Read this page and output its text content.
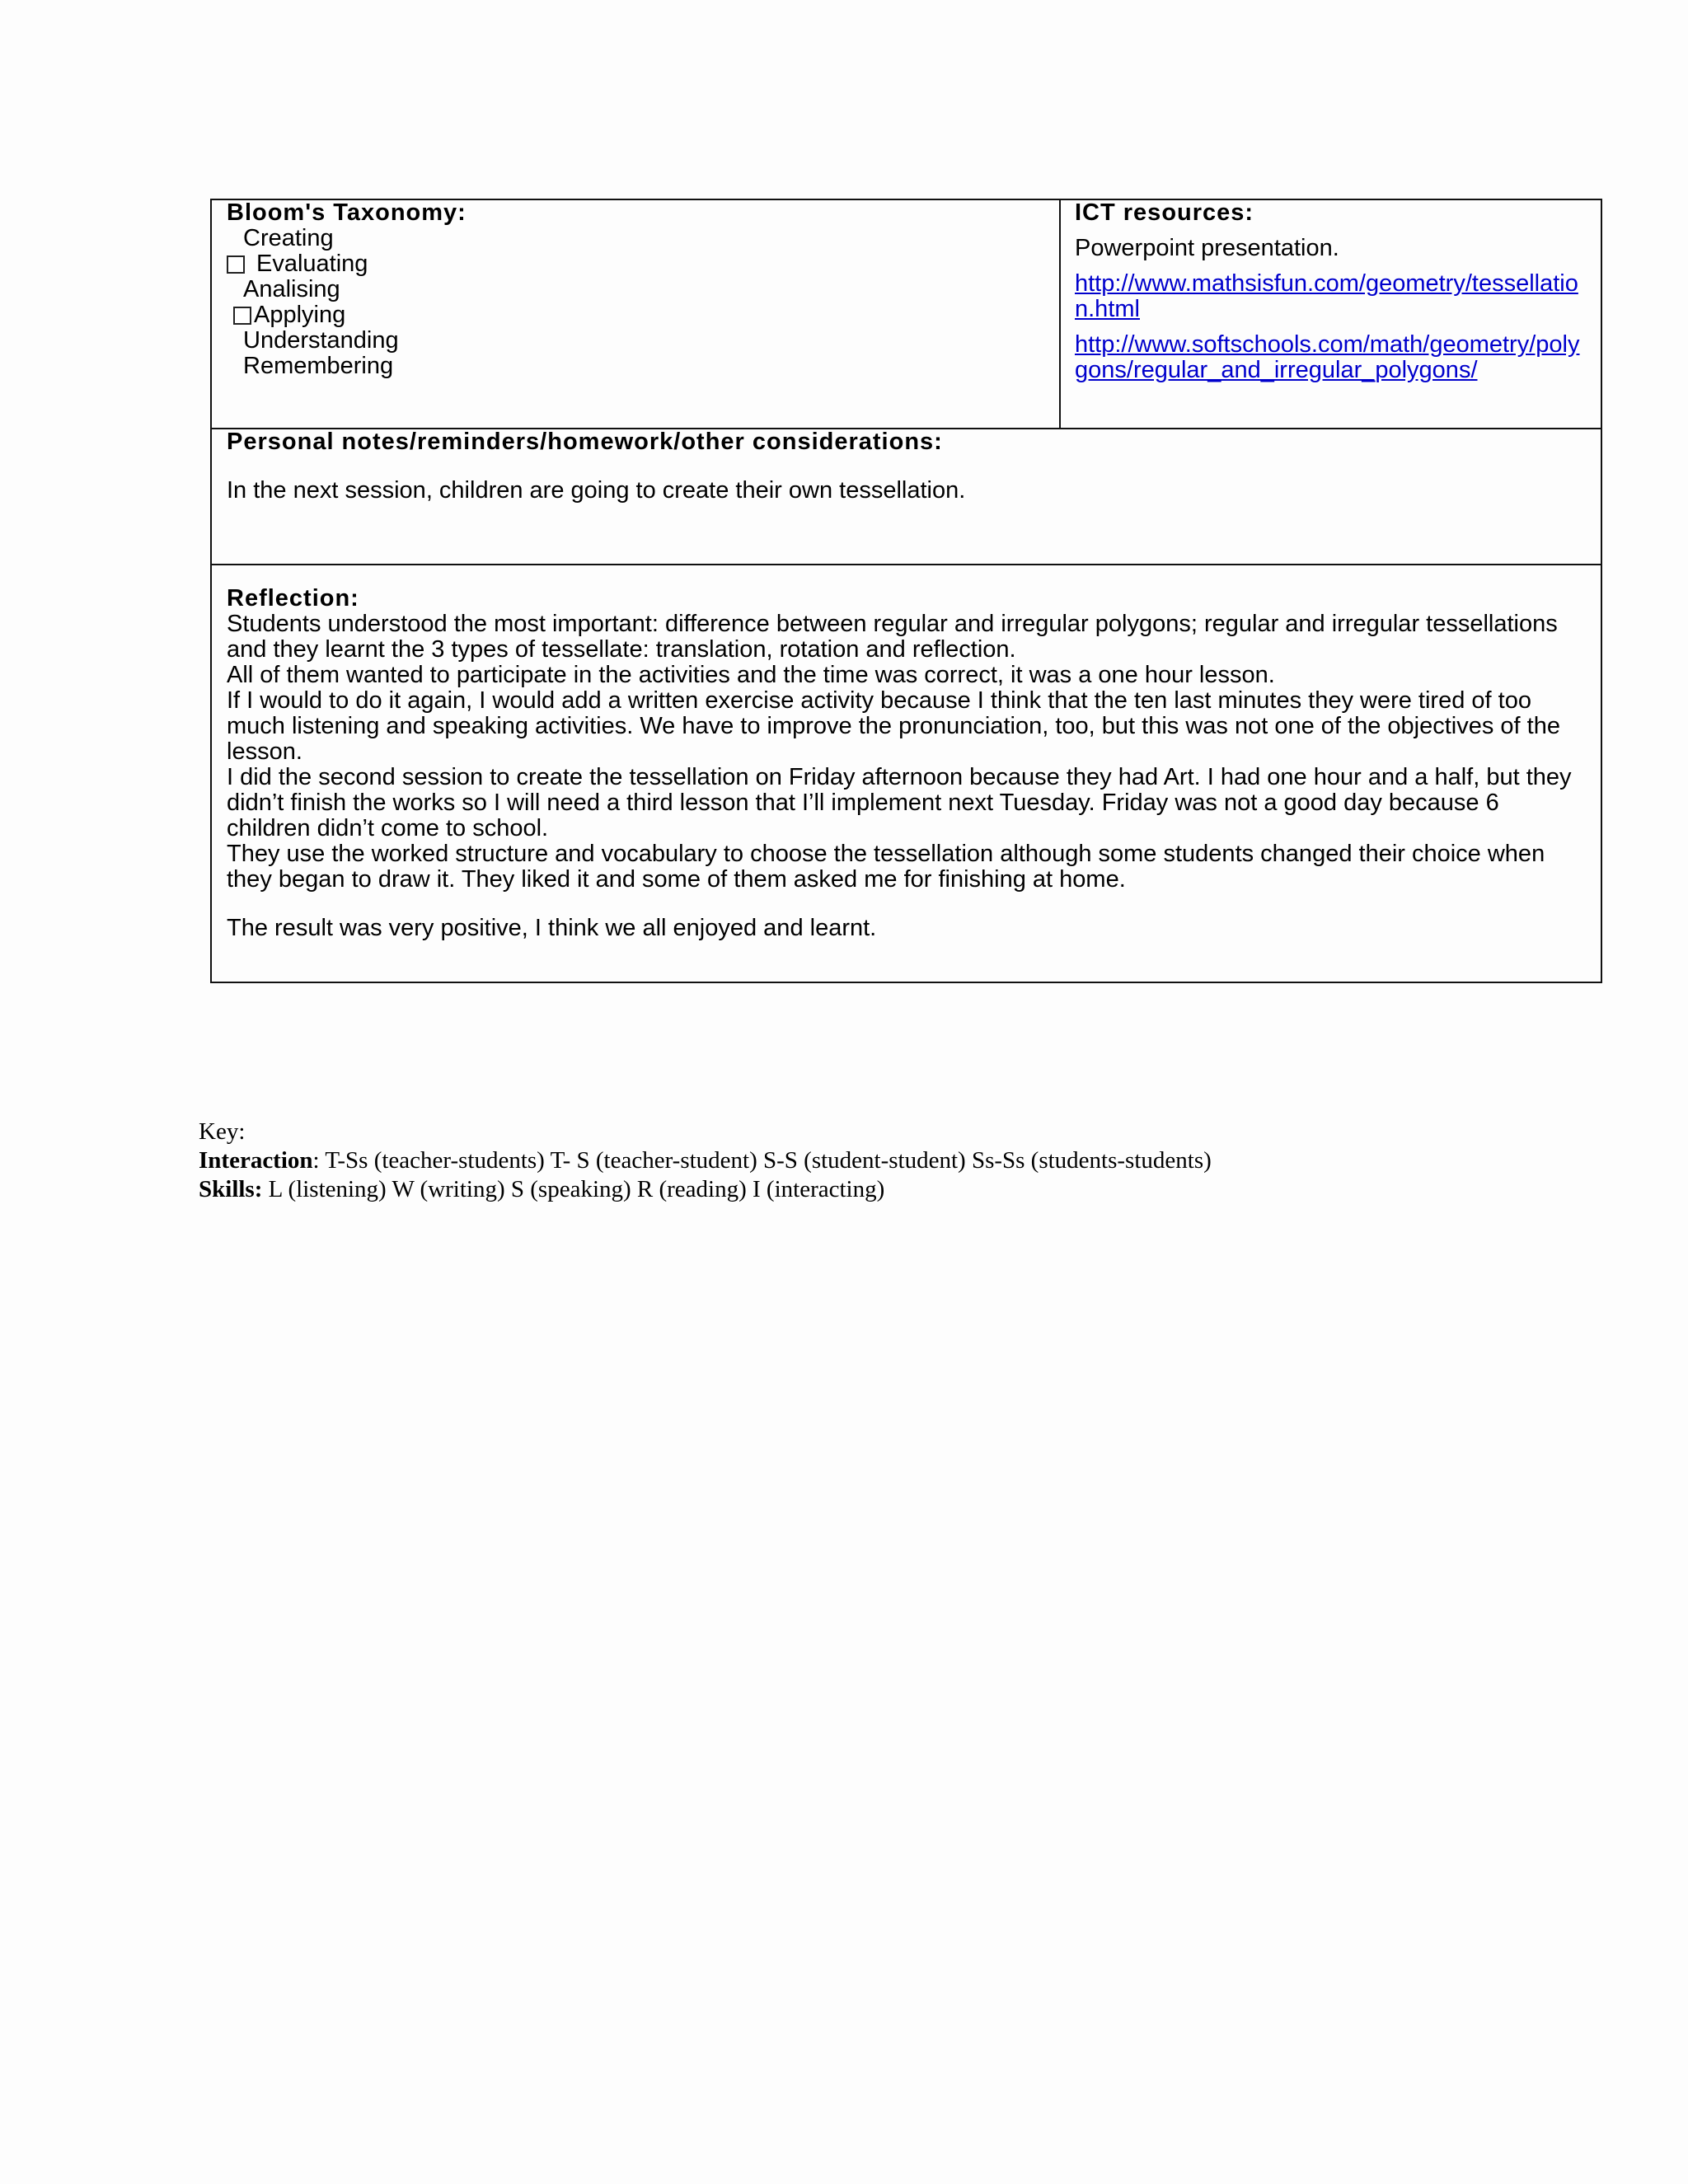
Bloom's Taxonomy:
Creating
Evaluating
Analising
Applying
Understanding
Remembering

ICT resources:
Powerpoint presentation.
http://www.mathsisfun.com/geometry/tessellation.html
http://www.softschools.com/math/geometry/polygons/regular_and_irregular_polygons/

Personal notes/reminders/homework/other considerations:
In the next session, children are going to create their own tessellation.

Reflection:

Students understood the most important: difference between regular and irregular polygons; regular and irregular tessellations and they learnt the 3 types of tessellate: translation, rotation and reflection.

All of them wanted to participate in the activities and the time was correct, it was a one hour lesson.

If I would to do it again, I would add a written exercise activity because I think that the ten last minutes they were tired of too much listening and speaking activities. We have to improve the pronunciation, too, but this was not one of the objectives of the lesson.

I did the second session to create the tessellation on Friday afternoon because they had Art. I had one hour and a half, but they didn’t finish the works so I will need a third lesson that I’ll implement next Tuesday. Friday was not a good day because 6 children didn’t come to school.

They use the worked structure and vocabulary to choose the tessellation although some students changed their choice when they began to draw it. They liked it and some of them asked me for finishing at home.

The result was very positive, I think we all enjoyed and learnt.

Key:
Interaction: T-Ss (teacher-students) T- S (teacher-student) S-S (student-student) Ss-Ss (students-students)
Skills: L (listening) W (writing) S (speaking) R (reading) I (interacting)
